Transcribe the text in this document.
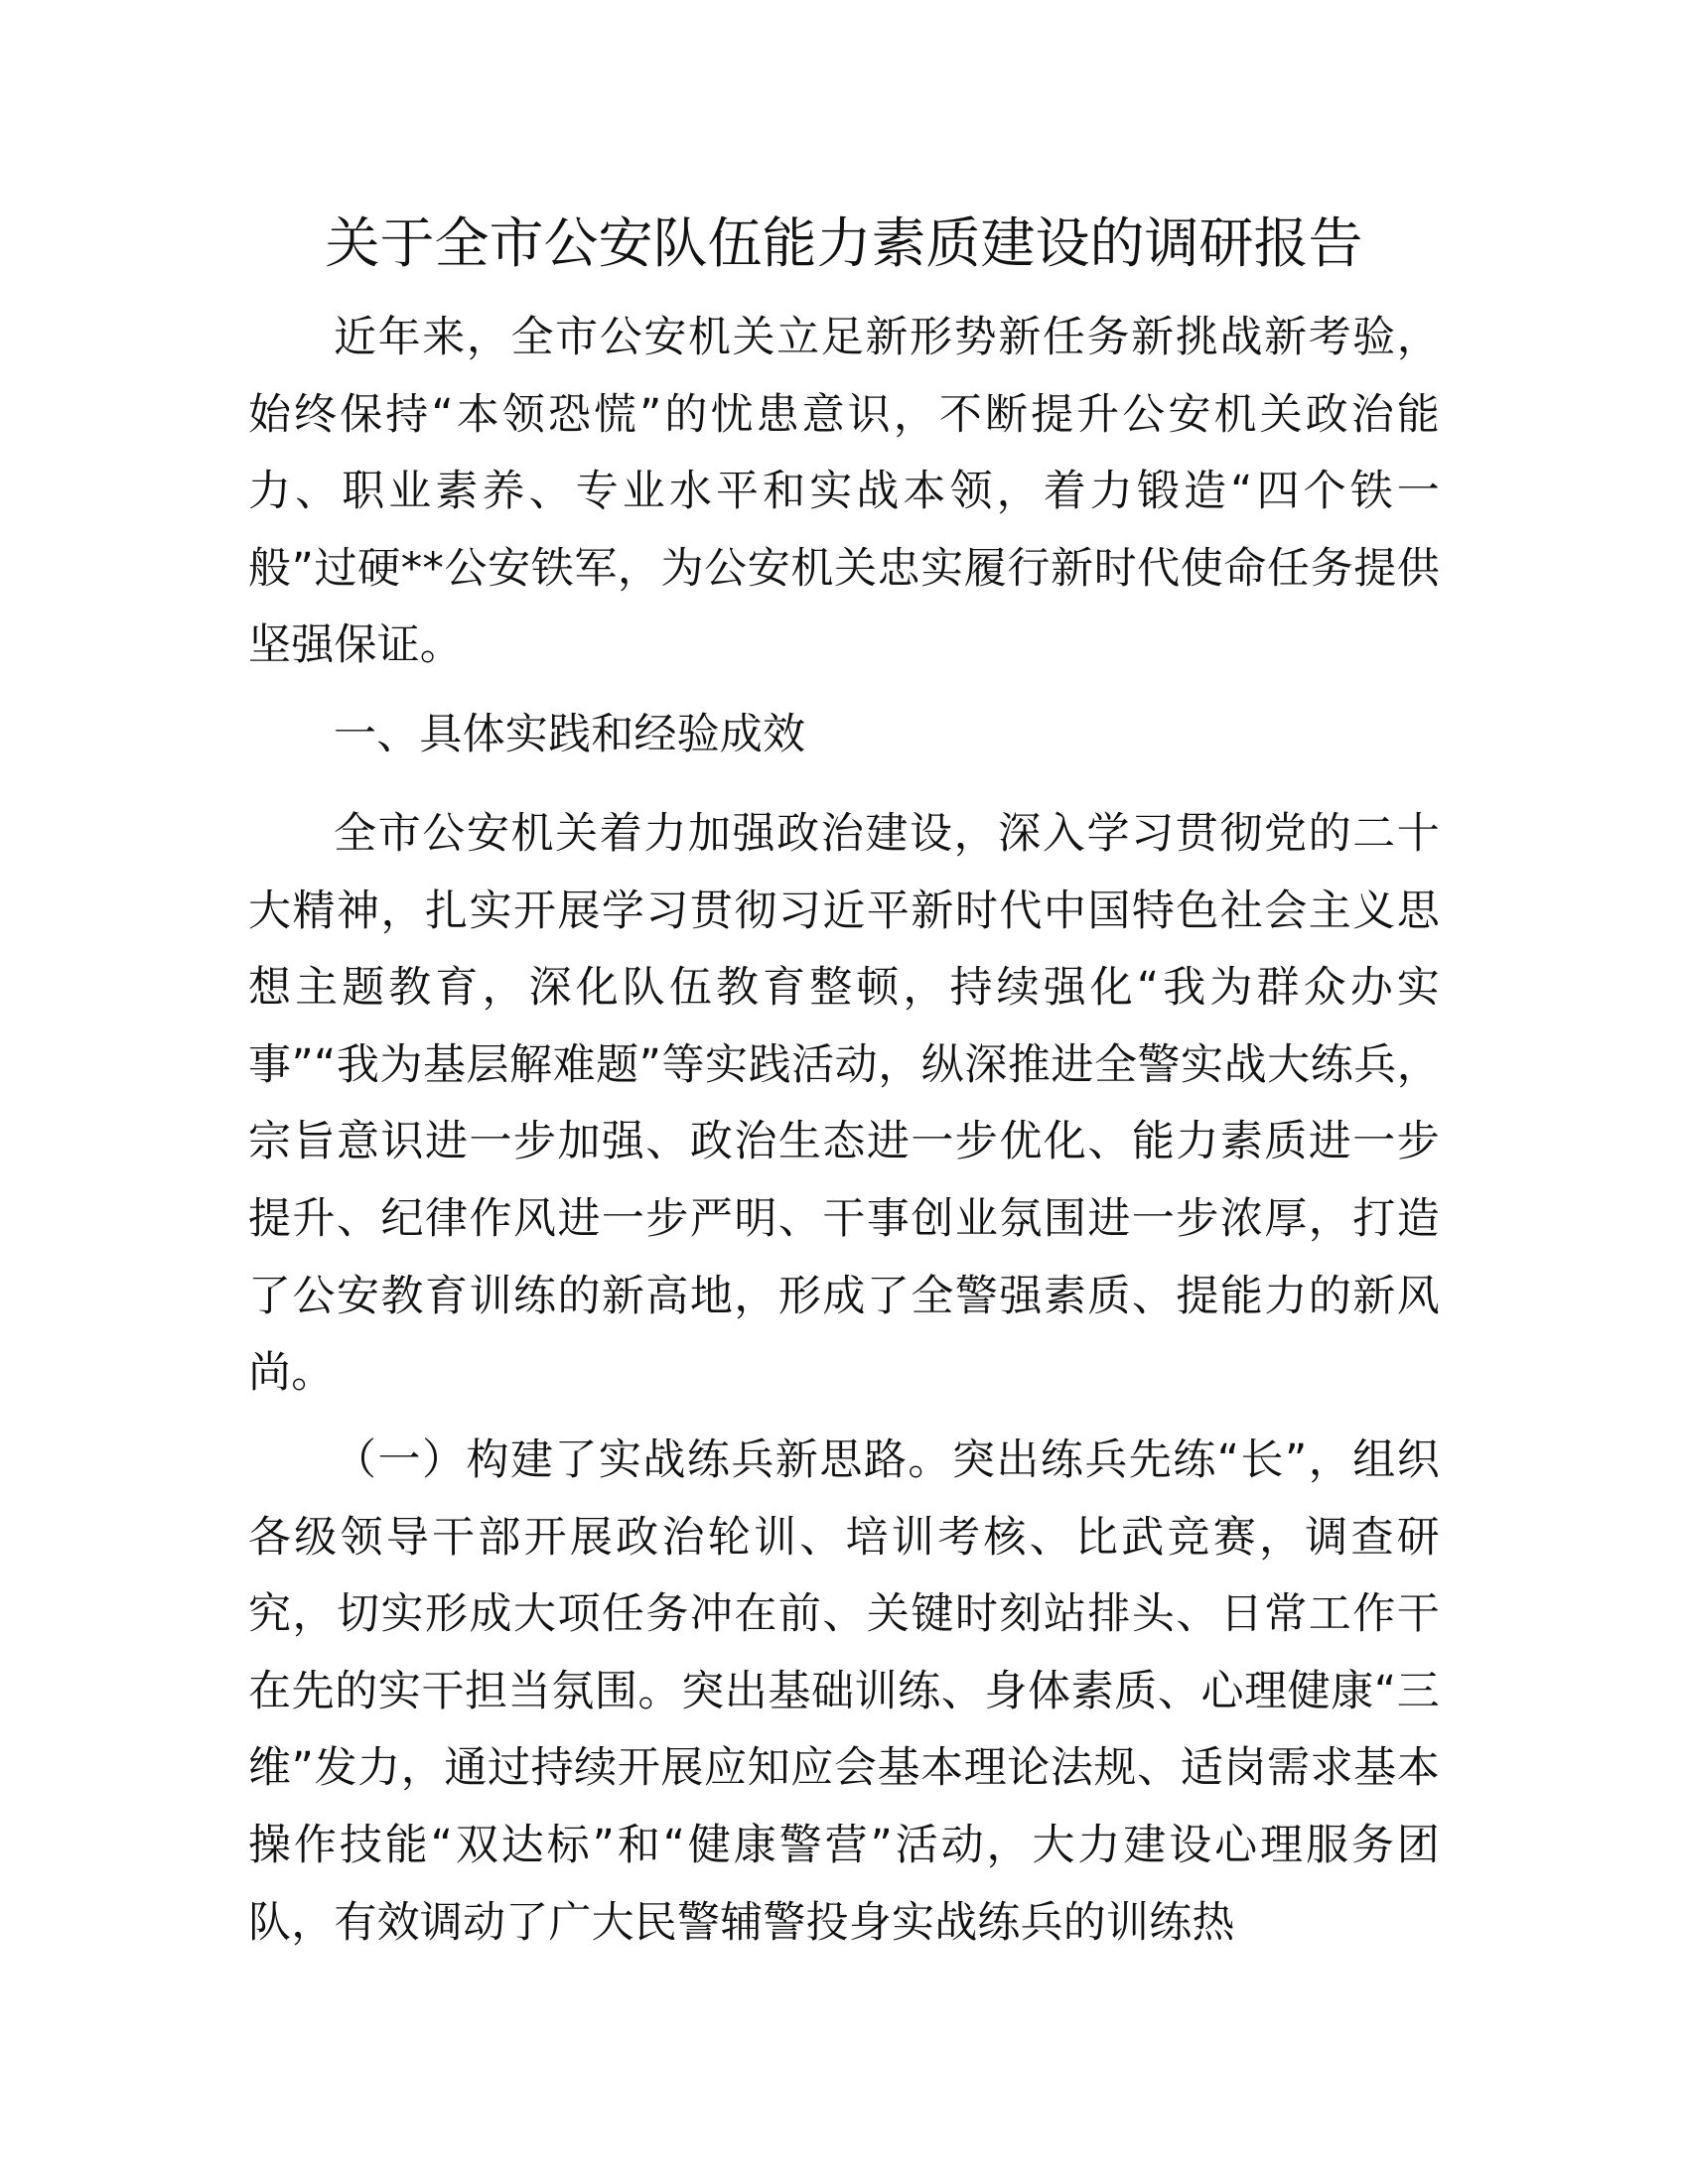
关于全市公安队伍能力素质建设的调研报告

近年来，全市公安机关立足新形势新任务新挑战新考验，始终保持“本领恐慌”的忧患意识，不断提升公安机关政治能力、职业素养、专业水平和实战本领，着力锻造“四个铁一般”过硬**公安铁军，为公安机关忠实履行新时代使命任务提供坚强保证。

一、具体实践和经验成效

全市公安机关着力加强政治建设，深入学习贯彻党的二十大精神，扎实开展学习贯彻习近平新时代中国特色社会主义思想主题教育，深化队伍教育整顿，持续强化“我为群众办实事”“我为基层解难题”等实践活动，纵深推进全警实战大练兵，宗旨意识进一步加强、政治生态进一步优化、能力素质进一步提升、纪律作风进一步严明、干事创业氛围进一步浓厚，打造了公安教育训练的新高地，形成了全警强素质、提能力的新风尚。

（一）构建了实战练兵新思路。突出练兵先练“长”，组织各级领导干部开展政治轮训、培训考核、比武竞赛，调查研究，切实形成大项任务冲在前、关键时刻站排头、日常工作干在先的实干担当氛围。突出基础训练、身体素质、心理健康“三维”发力，通过持续开展应知应会基本理论法规、适岗需求基本操作技能“双达标”和“健康警营”活动，大力建设心理服务团队，有效调动了广大民警辅警投身实战练兵的训练热
